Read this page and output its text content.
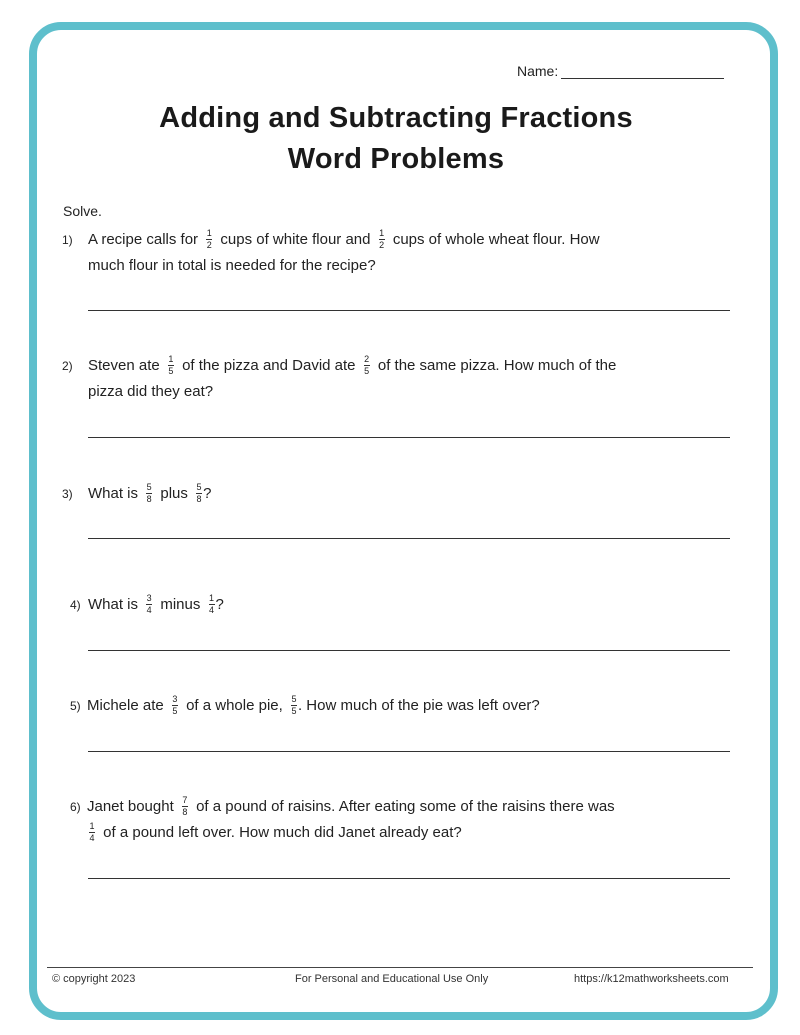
Name:
Adding and Subtracting Fractions
Word Problems
Solve.
1) A recipe calls for $\frac{1}{2}$ cups of white flour and $\frac{1}{2}$ cups of whole wheat flour. How
much flour in total is needed for the recipe?
2) Steven ate $\frac{1}{5}$ of the pizza and David ate $\frac{2}{5}$ of the same pizza. How much of the
pizza did they eat?
3) What is $\frac{5}{8}$ plus $\frac{5}{8}$ ?
4) What is $\frac{3}{4}$ minus $\frac{1}{4}$ ?
5) Michele ate $\frac{3}{5}$ of a whole pie, $\frac{5}{5}$ . How much of the pie was left over?
6) Janet bought $\frac{7}{8}$ of a pound of raisins. After eating some of the raisins there was

$\frac{1}{4}$ of a pound left over. How much did Janet already eat?
© copyright 2023	For Personal and Educational Use Only	https://k12mathworksheets.com
